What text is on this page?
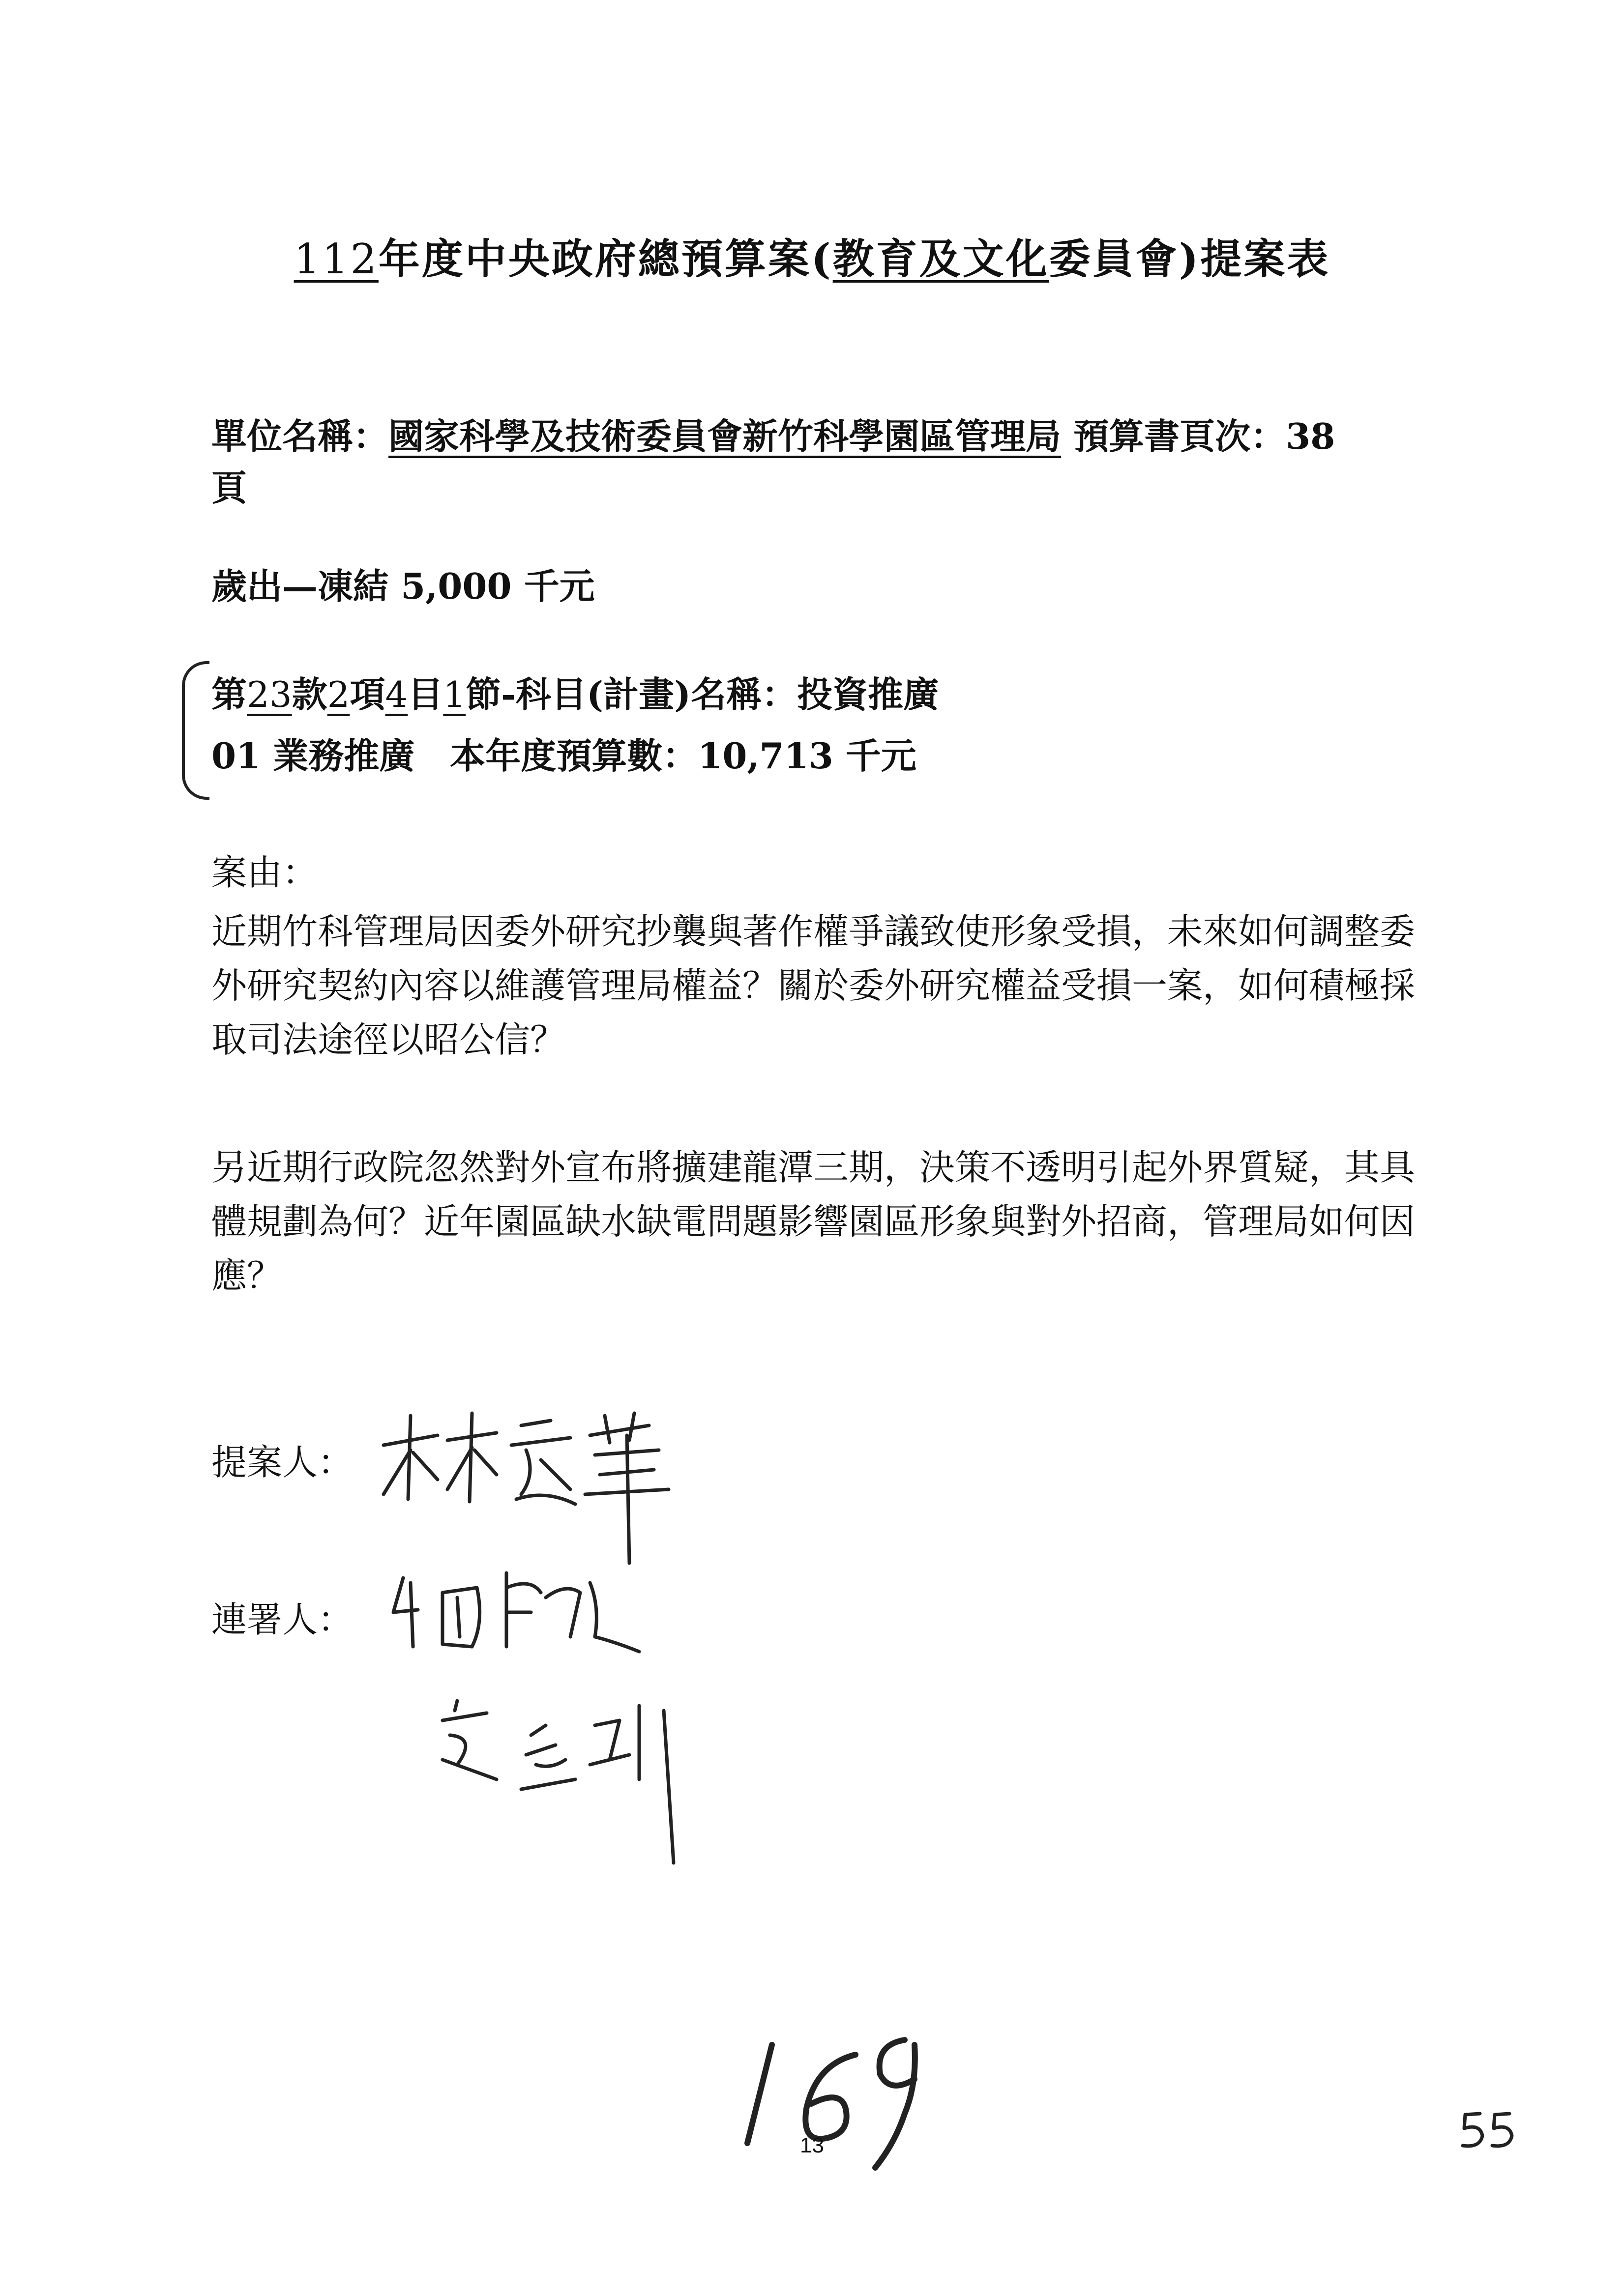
112年度中央政府總預算案(教育及文化委員會)提案表
單位名稱：國家科學及技術委員會新竹科學園區管理局 預算書頁次：38
頁
歲出—凍結 5,000 千元
第23款2項4目1節-科目(計畫)名稱：投資推廣
01 業務推廣　本年度預算數：10,713 千元
案由：
近期竹科管理局因委外研究抄襲與著作權爭議致使形象受損，未來如何調整委
外研究契約內容以維護管理局權益？關於委外研究權益受損一案，如何積極採
取司法途徑以昭公信？
另近期行政院忽然對外宣布將擴建龍潭三期，決策不透明引起外界質疑，其具
體規劃為何？近年園區缺水缺電問題影響園區形象與對外招商，管理局如何因
應？
提案人：
連署人：
13
